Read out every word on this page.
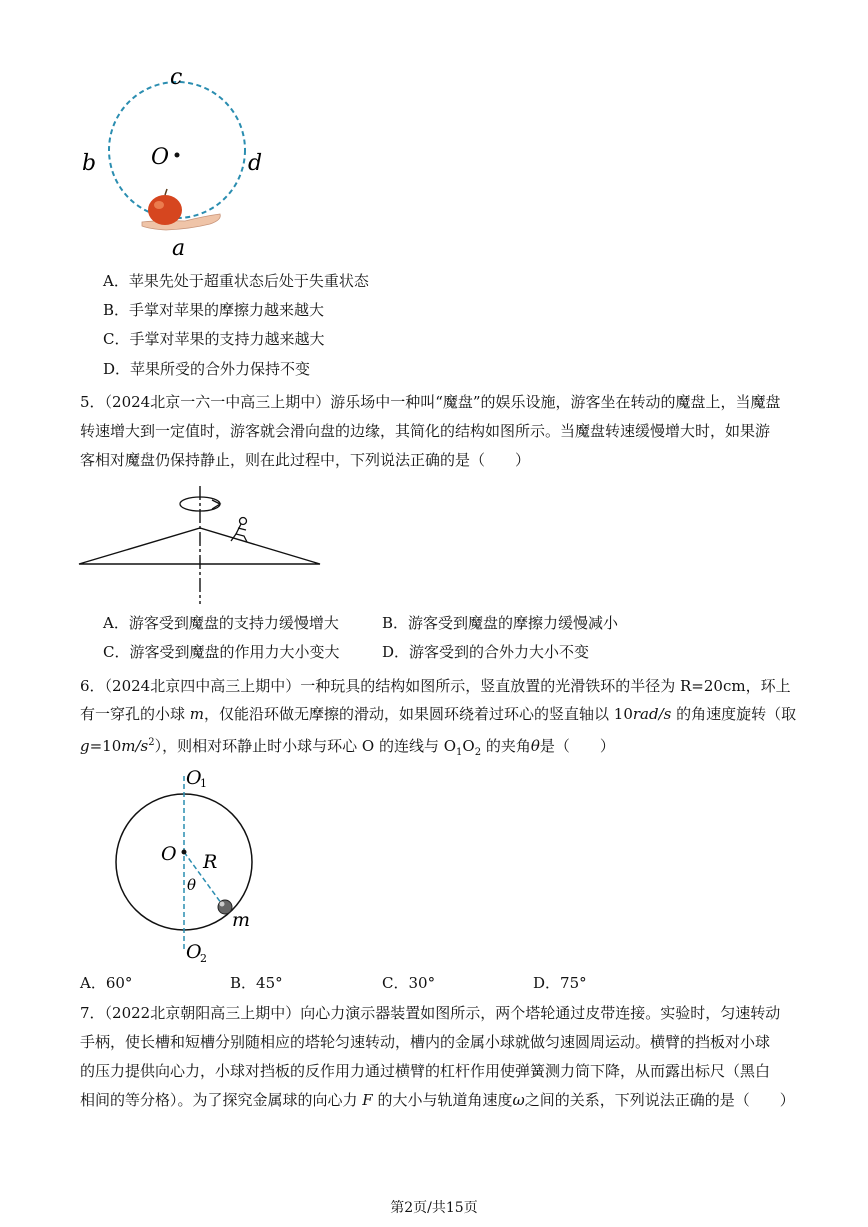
c
b O	d
a
A．苹果先处于超重状态后处于失重状态
B．手掌对苹果的摩擦力越来越大
C．手掌对苹果的支持力越来越大
D．苹果所受的合外力保持不变
5．（2024北京一六一中高三上期中）游乐场中一种叫“魔盘”的娱乐设施，游客坐在转动的魔盘上，当魔盘
转速增大到一定值时，游客就会滑向盘的边缘，其简化的结构如图所示。当魔盘转速缓慢增大时，如果游
客相对魔盘仍保持静止，则在此过程中，下列说法正确的是（　　）
A．游客受到魔盘的支持力缓慢增大	B．游客受到魔盘的摩擦力缓慢减小
C．游客受到魔盘的作用力大小变大	D．游客受到的合外力大小不变
6．（2024北京四中高三上期中）一种玩具的结构如图所示，竖直放置的光滑铁环的半径为 R=20cm，环上
有一穿孔的小球 m，仅能沿环做无摩擦的滑动，如果圆环绕着过环心的竖直轴以 10rad/s 的角速度旋转（取
$g=10m/s^2$），则相对环静止时小球与环心 O 的连线与 $O_1O_2$ 的夹角θ是（　　）
O
1
O R
θ
m
O
2
A．60°	B．45°	C．30°	D．75°
7．（2022北京朝阳高三上期中）向心力演示器装置如图所示，两个塔轮通过皮带连接。实验时，匀速转动
手柄，使长槽和短槽分别随相应的塔轮匀速转动，槽内的金属小球就做匀速圆周运动。横臂的挡板对小球
的压力提供向心力，小球对挡板的反作用力通过横臂的杠杆作用使弹簧测力筒下降，从而露出标尺（黑白
相间的等分格）。为了探究金属球的向心力 F 的大小与轨道角速度ω之间的关系，下列说法正确的是（　　）
第2页/共15页
